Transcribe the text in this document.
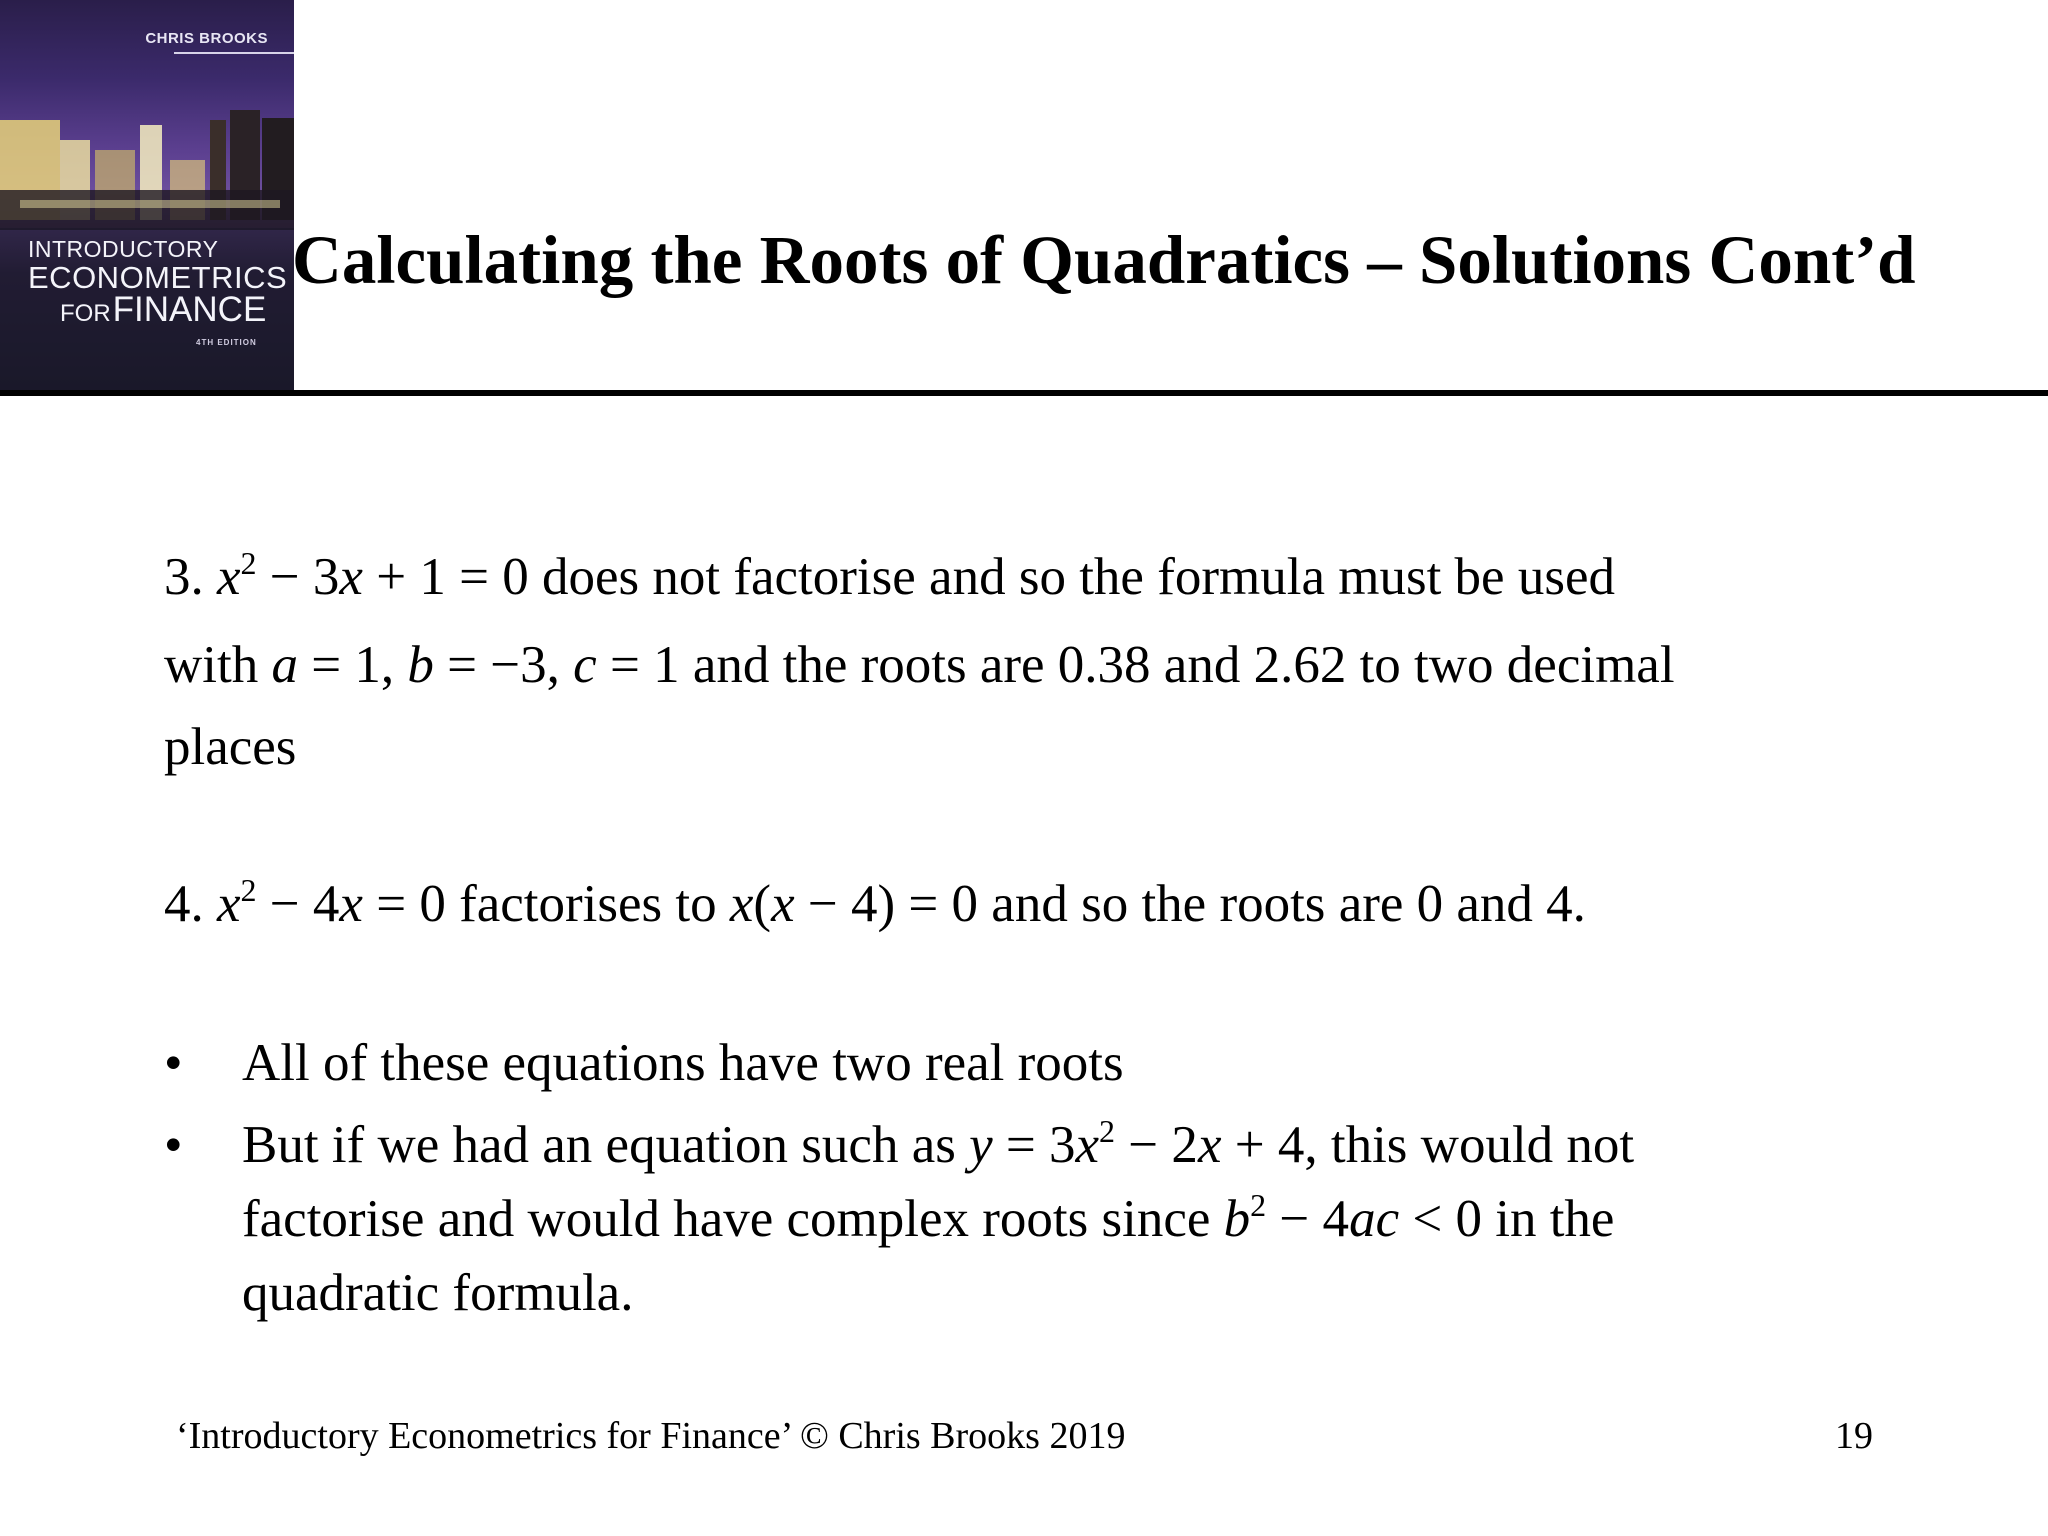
CHRIS BROOKS
INTRODUCTORY
ECONOMETRICS
FORFINANCE
4TH EDITION
Calculating the Roots of Quadratics – Solutions Cont’d
3. $x^2 - 3x + 1 = 0$ does not factorise and so the formula must be used
with a = 1, b = −3, c = 1 and the roots are 0.38 and 2.62 to two decimal
places
4. $x^2 - 4x = 0$ factorises to x(x − 4) = 0 and so the roots are 0 and 4.
• All of these equations have two real roots
• But if we had an equation such as $y = 3x^2 - 2x + 4$, this would not
factorise and would have complex roots since $b^2 - 4ac < 0$ in the
quadratic formula.
‘Introductory Econometrics for Finance’ © Chris Brooks 2019	19
